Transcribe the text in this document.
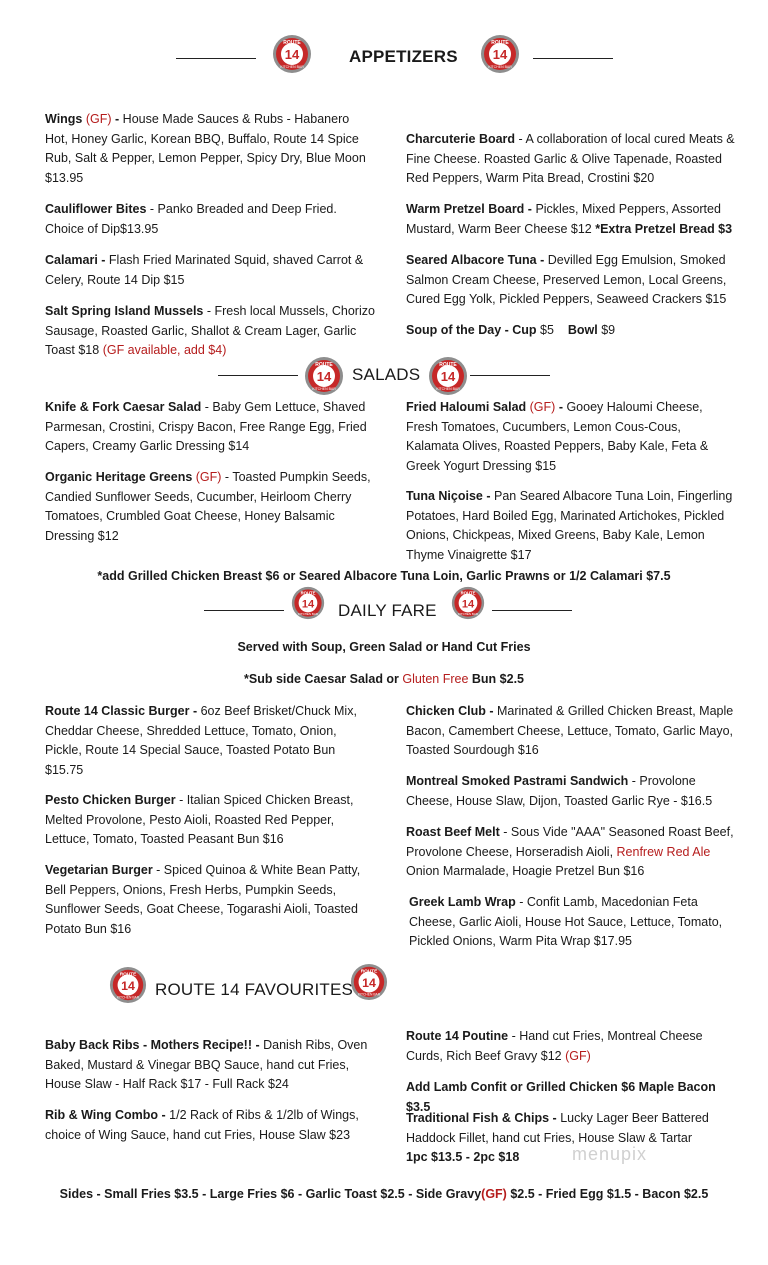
ROUTE
14
KITCHEN BAR
APPETIZERS
ROUTE
14
KITCHEN BAR
Wings (GF) - House Made Sauces & Rubs - Habanero Hot, Honey Garlic, Korean BBQ, Buffalo, Route 14 Spice Rub, Salt & Pepper, Lemon Pepper, Spicy Dry, Blue Moon
$13.95
Cauliflower Bites - Panko Breaded and Deep Fried. Choice of Dip$13.95
Calamari - Flash Fried Marinated Squid, shaved Carrot & Celery, Route 14 Dip $15
Salt Spring Island Mussels - Fresh local Mussels, Chorizo Sausage, Roasted Garlic, Shallot & Cream Lager, Garlic Toast $18 (GF available, add $4)
Charcuterie Board - A collaboration of local cured Meats & Fine Cheese. Roasted Garlic & Olive Tapenade, Roasted Red Peppers, Warm Pita Bread, Crostini $20
Warm Pretzel Board - Pickles, Mixed Peppers, Assorted Mustard, Warm Beer Cheese $12 *Extra Pretzel Bread $3
Seared Albacore Tuna - Devilled Egg Emulsion, Smoked Salmon Cream Cheese, Preserved Lemon, Local Greens, Cured Egg Yolk, Pickled Peppers, Seaweed Crackers $15
Soup of the Day - Cup $5 Bowl $9
ROUTE
14
KITCHEN BAR
SALADS	ROUTE
14
KITCHEN BAR
Knife & Fork Caesar Salad - Baby Gem Lettuce, Shaved Parmesan, Crostini, Crispy Bacon, Free Range Egg, Fried Capers, Creamy Garlic Dressing $14
Organic Heritage Greens (GF) - Toasted Pumpkin Seeds, Candied Sunflower Seeds, Cucumber, Heirloom Cherry Tomatoes, Crumbled Goat Cheese, Honey Balsamic Dressing $12
Fried Haloumi Salad (GF) - Gooey Haloumi Cheese, Fresh Tomatoes, Cucumbers, Lemon Cous-Cous, Kalamata Olives, Roasted Peppers, Baby Kale, Feta & Greek Yogurt Dressing $15
Tuna Niçoise - Pan Seared Albacore Tuna Loin, Fingerling Potatoes, Hard Boiled Egg, Marinated Artichokes, Pickled Onions, Chickpeas, Mixed Greens, Baby Kale, Lemon Thyme Vinaigrette $17
*add Grilled Chicken Breast $6 or Seared Albacore Tuna Loin, Garlic Prawns or 1/2 Calamari $7.5
ROUTE
14
KITCHEN BAR DAILY FARE
ROUTE
14
KITCHEN BAR
Served with Soup, Green Salad or Hand Cut Fries
*Sub side Caesar Salad or Gluten Free Bun $2.5
Route 14 Classic Burger - 6oz Beef Brisket/Chuck Mix, Cheddar Cheese, Shredded Lettuce, Tomato, Onion, Pickle, Route 14 Special Sauce, Toasted Potato Bun
$15.75
Pesto Chicken Burger - Italian Spiced Chicken Breast, Melted Provolone, Pesto Aioli, Roasted Red Pepper, Lettuce, Tomato, Toasted Peasant Bun $16
Vegetarian Burger - Spiced Quinoa & White Bean Patty, Bell Peppers, Onions, Fresh Herbs, Pumpkin Seeds, Sunflower Seeds, Goat Cheese, Togarashi Aioli, Toasted Potato Bun $16
Chicken Club - Marinated & Grilled Chicken Breast, Maple Bacon, Camembert Cheese, Lettuce, Tomato, Garlic Mayo, Toasted Sourdough $16
Montreal Smoked Pastrami Sandwich - Provolone Cheese, House Slaw, Dijon, Toasted Garlic Rye - $16.5
Roast Beef Melt - Sous Vide "AAA" Seasoned Roast Beef, Provolone Cheese, Horseradish Aioli, Renfrew Red Ale Onion Marmalade, Hoagie Pretzel Bun $16
Greek Lamb Wrap - Confit Lamb, Macedonian Feta Cheese, Garlic Aioli, House Hot Sauce, Lettuce, Tomato, Pickled Onions, Warm Pita Wrap $17.95
ROUTE
14
KITCHEN BAR ROUTE 14 FAVOURITES
ROUTE
14
KITCHEN BAR
Baby Back Ribs - Mothers Recipe!! - Danish Ribs, Oven Baked, Mustard & Vinegar BBQ Sauce, hand cut Fries, House Slaw - Half Rack $17 - Full Rack $24
Rib & Wing Combo - 1/2 Rack of Ribs & 1/2lb of Wings, choice of Wing Sauce, hand cut Fries, House Slaw $23
Route 14 Poutine - Hand cut Fries, Montreal Cheese Curds, Rich Beef Gravy $12 (GF)
Add Lamb Confit or Grilled Chicken $6 Maple Bacon $3.5
Traditional Fish & Chips - Lucky Lager Beer Battered Haddock Fillet, hand cut Fries, House Slaw & Tartar
1pc $13.5 - 2pc $18
Sides - Small Fries $3.5 - Large Fries $6 - Garlic Toast $2.5 - Side Gravy(GF) $2.5 - Fried Egg $1.5 - Bacon $2.5
menupix
